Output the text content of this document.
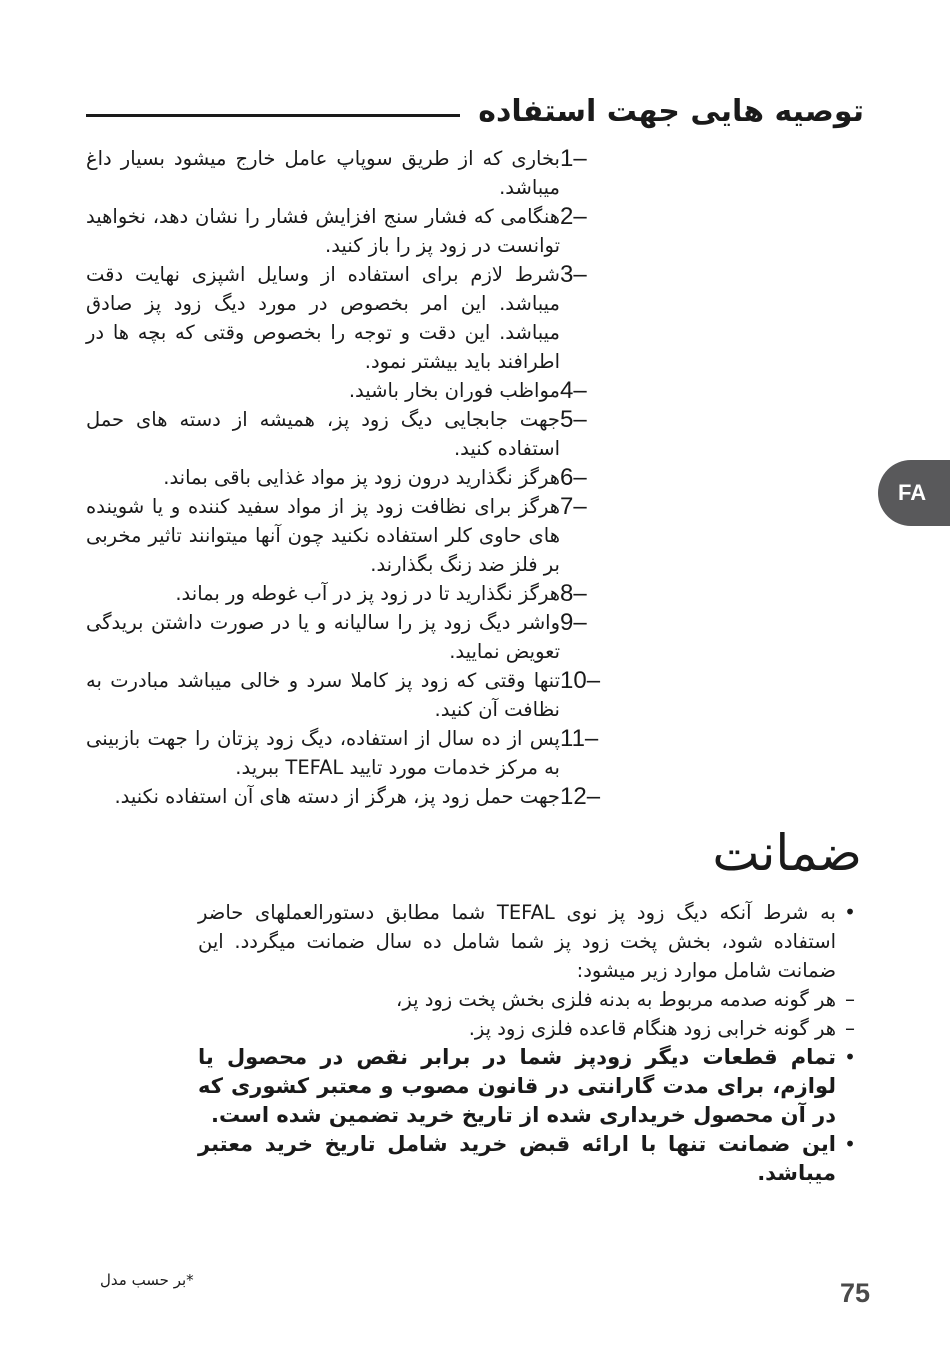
توصیه هایی جهت استفاده
1–
بخاری که از طریق سوپاپ عامل خارج میشود بسیار داغ میباشد.
2–
هنگامی که فشار سنج افزایش فشار را نشان دهد، نخواهید توانست در زود پز را باز کنید.
3–
شرط لازم برای استفاده از وسایل اشپزی نهایت دقت میباشد. این امر بخصوص در مورد دیگ زود پز صادق میباشد. این دقت و توجه را بخصوص وقتی که بچه ها در اطرافند باید بیشتر نمود.
4–
مواظب فوران بخار باشید.
5–
جهت جابجایی دیگ زود پز، همیشه از دسته های حمل استفاده کنید.
6–
هرگز نگذارید درون زود پز مواد غذایی باقی بماند.
7–
هرگز برای نظافت زود پز از مواد سفید کننده و یا شوینده های حاوی کلر استفاده نکنید چون آنها میتوانند تاثیر مخربی بر فلز ضد زنگ بگذارند.
8–
هرگز نگذارید تا در زود پز در آب غوطه ور بماند.
9–
واشر دیگ زود پز را سالیانه و یا در صورت داشتن بریدگی تعویض نمایید.
10–
تنها وقتی که زود پز کاملا سرد و خالی میباشد مبادرت به نظافت آن کنید.
11–
پس از ده سال از استفاده، دیگ زود پزتان را جهت بازبینی به مرکز خدمات مورد تایید TEFAL ببرید.
12–
جهت حمل زود پز، هرگز از دسته های آن استفاده نکنید.
FA
ضمانت
•
به شرط آنکه دیگ زود پز نوی TEFAL شما مطابق دستورالعملهای حاضر استفاده شود، بخش پخت زود پز شما شامل ده سال ضمانت میگردد. این ضمانت شامل موارد زیر میشود:
–
هر گونه صدمه مربوط به بدنه فلزی بخش پخت زود پز،
–
هر گونه خرابی زود هنگام قاعده فلزی زود پز.
•
تمام قطعات دیگر زودپز شما در برابر نقص در محصول یا لوازم، برای مدت گارانتی در قانون مصوب و معتبر کشوری که در آن محصول خریداری شده از تاریخ خرید تضمین شده است.
•
این ضمانت تنها با ارائه قبض خرید شامل تاریخ خرید معتبر میباشد.
*بر حسب مدل	75
